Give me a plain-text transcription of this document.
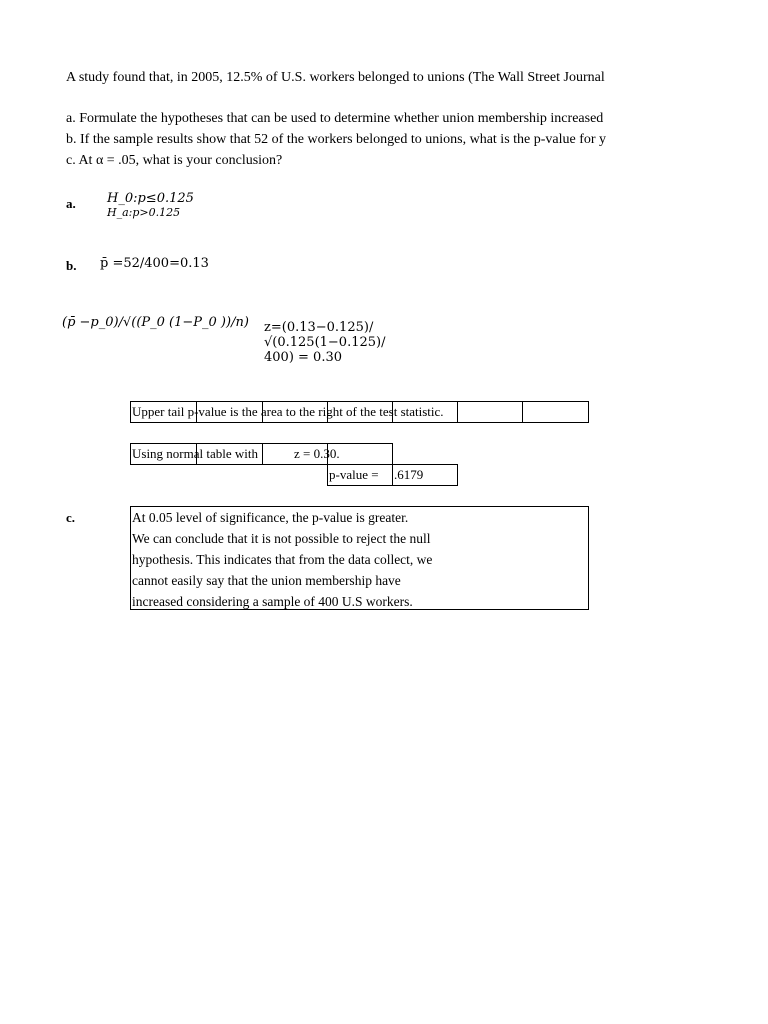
A study found that, in 2005, 12.5% of U.S. workers belonged to unions (The Wall Street Journal
a. Formulate the hypotheses that can be used to determine whether union membership increased
b. If the sample results show that 52 of the workers belonged to unions, what is the p-value for y
c. At α = .05, what is your conclusion?
a. H_0:p≤0.125
H_a:p>0.125
b. p̄ =52/400=0.13
(p̄ −p_0)/√((P_0 (1−P_0 ))/n)	z=(0.13−0.125)/
√(0.125(1−0.125)/
400) = 0.30
Upper tail p-value is the area to the right of the test statistic.
Using normal table with	z = 0.30.
p-value = .6179
c.	At 0.05 level of significance, the p-value is greater.
We can conclude that it is not possible to reject the null
hypothesis. This indicates that from the data collect, we
cannot easily say that the union membership have
increased considering a sample of 400 U.S workers.
